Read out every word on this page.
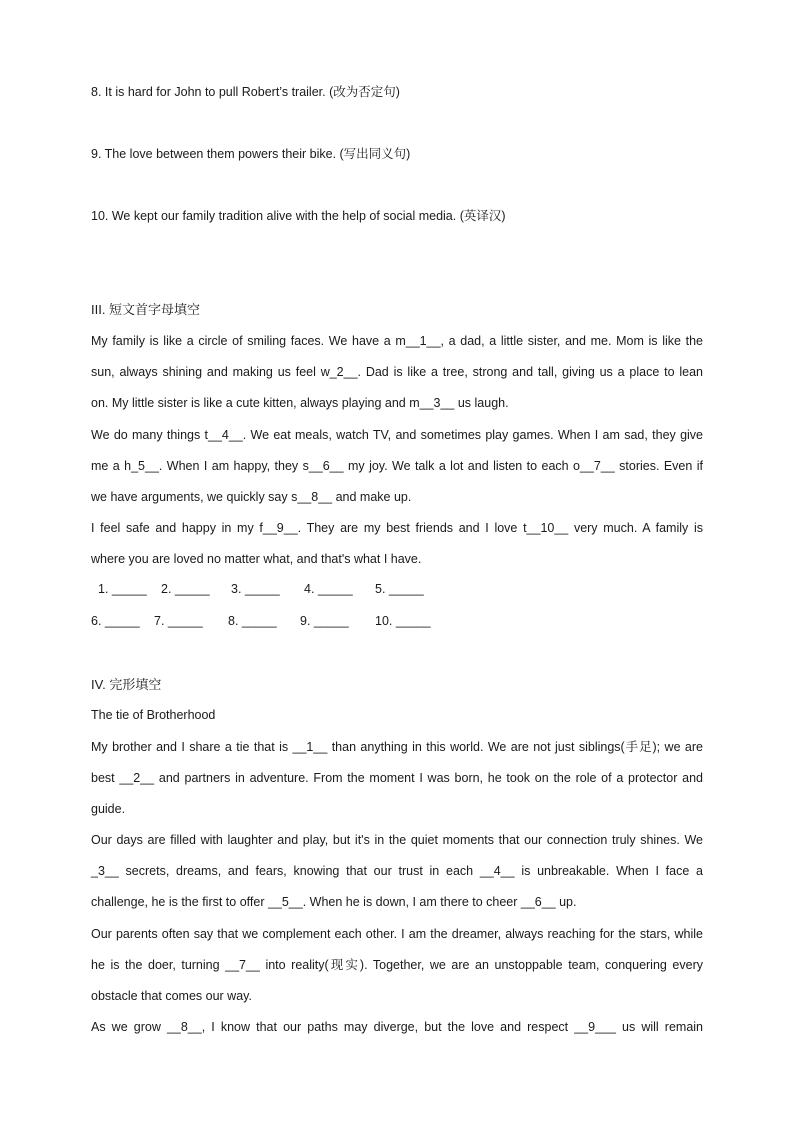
8. It is hard for John to pull Robert’s trailer. (改为否定句)
9. The love between them powers their bike. (写出同义句)
10. We kept our family tradition alive with the help of social media. (英译汉)
III. 短文首字母填空
My family is like a circle of smiling faces. We have a m__1__, a dad, a little sister, and me. Mom is like the
sun, always shining and making us feel w_2__. Dad is like a tree, strong and tall, giving us a place to lean
on. My little sister is like a cute kitten, always playing and m__3__ us laugh.
We do many things t__4__. We eat meals, watch TV, and sometimes play games. When I am sad, they give
me a h_5__. When I am happy, they s__6__ my joy. We talk a lot and listen to each o__7__ stories. Even if
we have arguments, we quickly say s__8__ and make up.
I feel safe and happy in my f__9__. They are my best friends and I love t__10__ very much. A family is
where you are loved no matter what, and that's what I have.
1. _____ 2. _____ 3. _____ 4. _____ 5. _____
6. _____ 7. _____ 8. _____ 9. _____ 10. _____
IV. 完形填空
The tie of Brotherhood
My brother and I share a tie that is __1__ than anything in this world. We are not just siblings(手足); we are
best __2__ and partners in adventure. From the moment I was born, he took on the role of a protector and
guide.
Our days are filled with laughter and play, but it's in the quiet moments that our connection truly shines. We
_3__ secrets, dreams, and fears, knowing that our trust in each __4__ is unbreakable. When I face a
challenge, he is the first to offer __5__. When he is down, I am there to cheer __6__ up.
Our parents often say that we complement each other. I am the dreamer, always reaching for the stars, while
he is the doer, turning __7__ into reality(现实). Together, we are an unstoppable team, conquering every
obstacle that comes our way.
As we grow __8__, I know that our paths may diverge, but the love and respect __9___ us will remain
